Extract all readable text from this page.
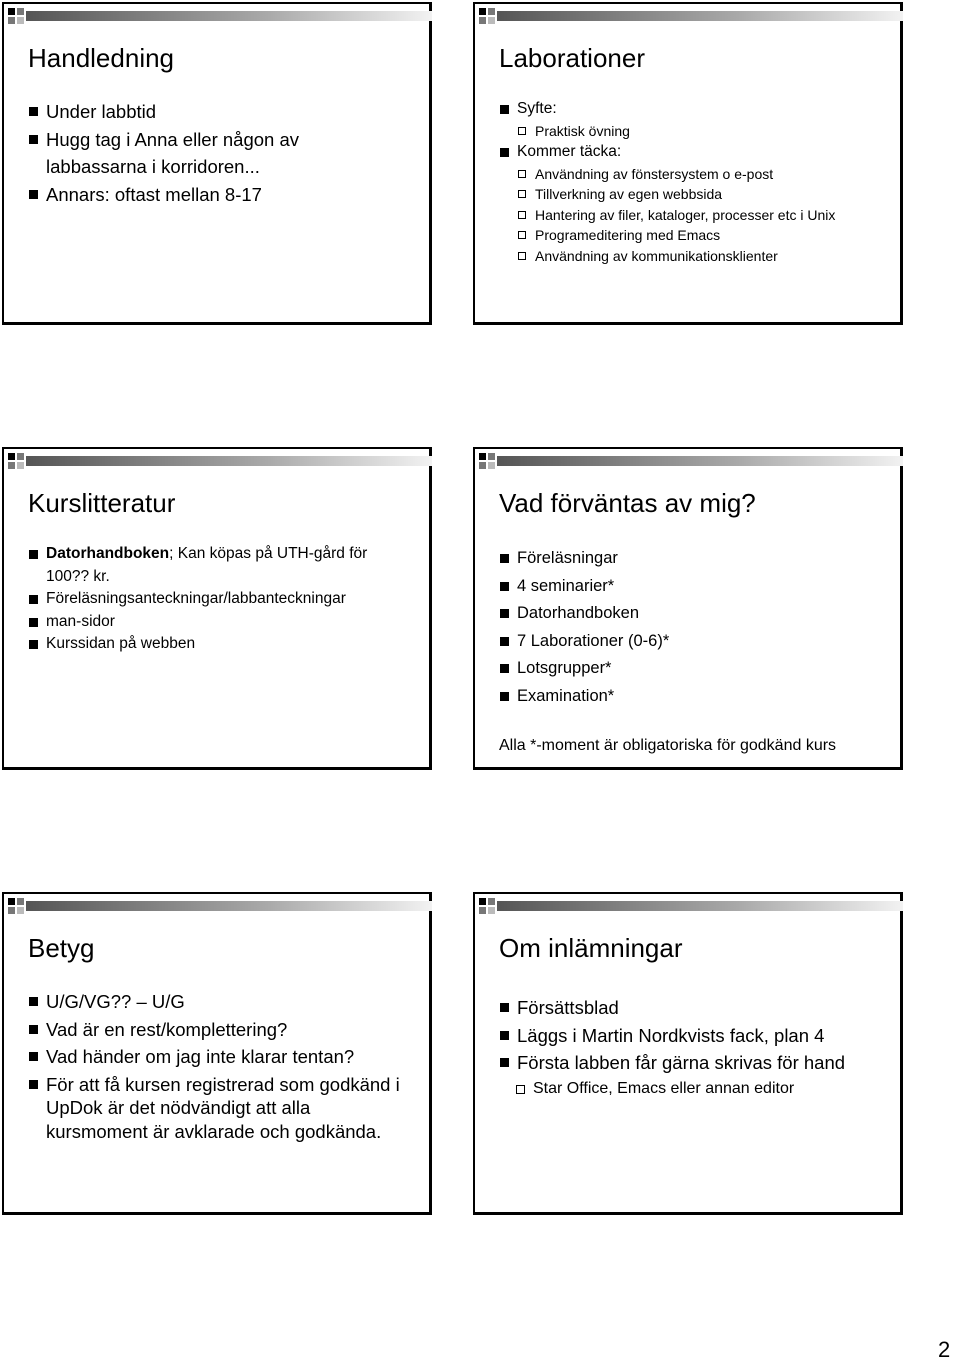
Handledning
Under labbtid
Hugg tag i Anna eller någon av labbassarna i korridoren...
Annars: oftast mellan 8-17
Laborationer
Syfte:
Praktisk övning
Kommer täcka:
Användning av fönstersystem o e-post
Tillverkning av egen webbsida
Hantering av filer, kataloger, processer etc i Unix
Programeditering med Emacs
Användning av kommunikationsklienter
Kurslitteratur
Datorhandboken; Kan köpas på UTH-gård för 100?? kr.
Föreläsningsanteckningar/labbanteckningar
man-sidor
Kurssidan på webben
Vad förväntas av mig?
Föreläsningar
4 seminarier*
Datorhandboken
7 Laborationer (0-6)*
Lotsgrupper*
Examination*
Alla *-moment är obligatoriska för godkänd kurs
Betyg
U/G/VG?? – U/G
Vad är en rest/komplettering?
Vad händer om jag inte klarar tentan?
För att få kursen registrerad som godkänd i UpDok är det nödvändigt att alla kursmoment är avklarade och godkända.
Om inlämningar
Försättsblad
Läggs i Martin Nordkvists fack, plan 4
Första labben får gärna skrivas för hand
Star Office, Emacs eller annan editor
2
